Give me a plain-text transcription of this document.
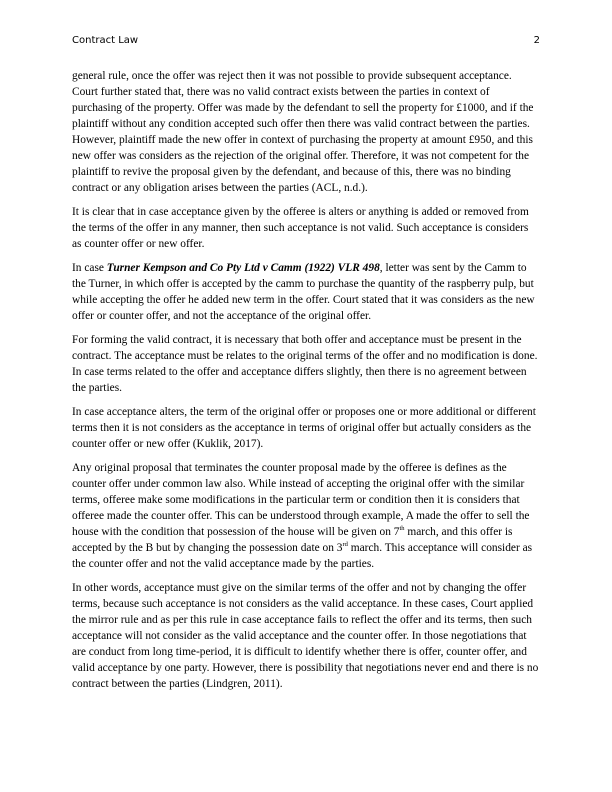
Contract Law	2

general rule, once the offer was reject then it was not possible to provide subsequent acceptance. Court further stated that, there was no valid contract exists between the parties in context of purchasing of the property. Offer was made by the defendant to sell the property for £1000, and if the plaintiff without any condition accepted such offer then there was valid contract between the parties. However, plaintiff made the new offer in context of purchasing the property at amount £950, and this new offer was considers as the rejection of the original offer. Therefore, it was not competent for the plaintiff to revive the proposal given by the defendant, and because of this, there was no binding contract or any obligation arises between the parties (ACL, n.d.).

It is clear that in case acceptance given by the offeree is alters or anything is added or removed from the terms of the offer in any manner, then such acceptance is not valid. Such acceptance is considers as counter offer or new offer.

In case Turner Kempson and Co Pty Ltd v Camm (1922) VLR 498, letter was sent by the Camm to the Turner, in which offer is accepted by the camm to purchase the quantity of the raspberry pulp, but while accepting the offer he added new term in the offer. Court stated that it was considers as the new offer or counter offer, and not the acceptance of the original offer.

For forming the valid contract, it is necessary that both offer and acceptance must be present in the contract. The acceptance must be relates to the original terms of the offer and no modification is done. In case terms related to the offer and acceptance differs slightly, then there is no agreement between the parties.

In case acceptance alters, the term of the original offer or proposes one or more additional or different terms then it is not considers as the acceptance in terms of original offer but actually considers as the counter offer or new offer (Kuklik, 2017).

Any original proposal that terminates the counter proposal made by the offeree is defines as the counter offer under common law also. While instead of accepting the original offer with the similar terms, offeree make some modifications in the particular term or condition then it is considers that offeree made the counter offer. This can be understood through example, A made the offer to sell the house with the condition that possession of the house will be given on 7th march, and this offer is accepted by the B but by changing the possession date on 3rd march. This acceptance will consider as the counter offer and not the valid acceptance made by the parties.

In other words, acceptance must give on the similar terms of the offer and not by changing the offer terms, because such acceptance is not considers as the valid acceptance. In these cases, Court applied the mirror rule and as per this rule in case acceptance fails to reflect the offer and its terms, then such acceptance will not consider as the valid acceptance and the counter offer. In those negotiations that are conduct from long time-period, it is difficult to identify whether there is offer, counter offer, and valid acceptance by one party. However, there is possibility that negotiations never end and there is no contract between the parties (Lindgren, 2011).
